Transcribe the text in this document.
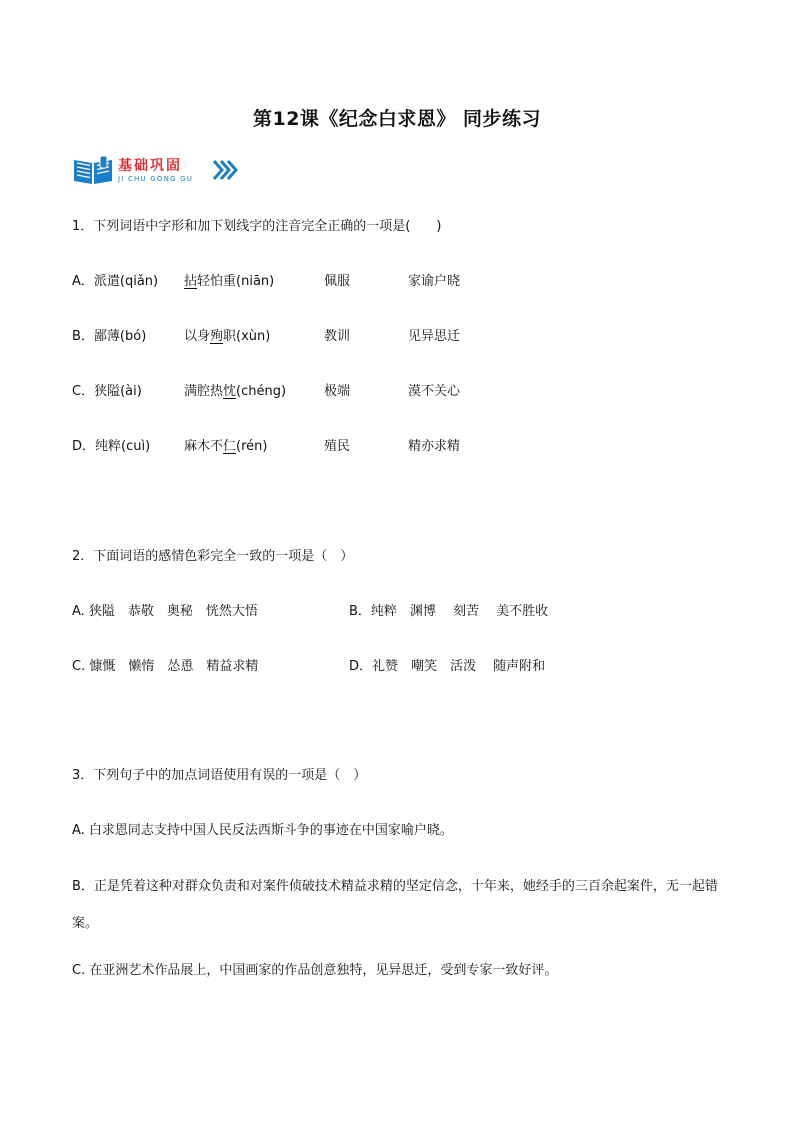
第12课《纪念白求恩》 同步练习
基础巩固
JI CHU GONG GU
1．下列词语中字形和加下划线字的注音完全正确的一项是(　　)
A．派遣(qiǎn) 拈轻怕重(niān)	佩服	家谕户晓
B．鄙薄(bó)	以身殉职(xùn)	教训	见异思迁
C．狭隘(ài)	满腔热忱(chéng)	极端	漠不关心
D．纯粹(cuì)	麻木不仁(rén)	殖民	精亦求精
2．下面词语的感情色彩完全一致的一项是（　）
A. 狭隘　恭敬　奥秘　恍然大悟	B．纯粹　渊博　 刻苦　 美不胜收
C. 慷慨　懒惰　怂恿　精益求精	D．礼赞　嘲笑　活泼　 随声附和
3．下列句子中的加点词语使用有误的一项是（　）
A. 白求恩同志支持中国人民反法西斯斗争的事迹在中国家喻户晓。
B．正是凭着这种对群众负责和对案件侦破技术精益求精的坚定信念，十年来，她经手的三百余起案件，无一起错案。
C. 在亚洲艺术作品展上，中国画家的作品创意独特，见异思迁，受到专家一致好评。
